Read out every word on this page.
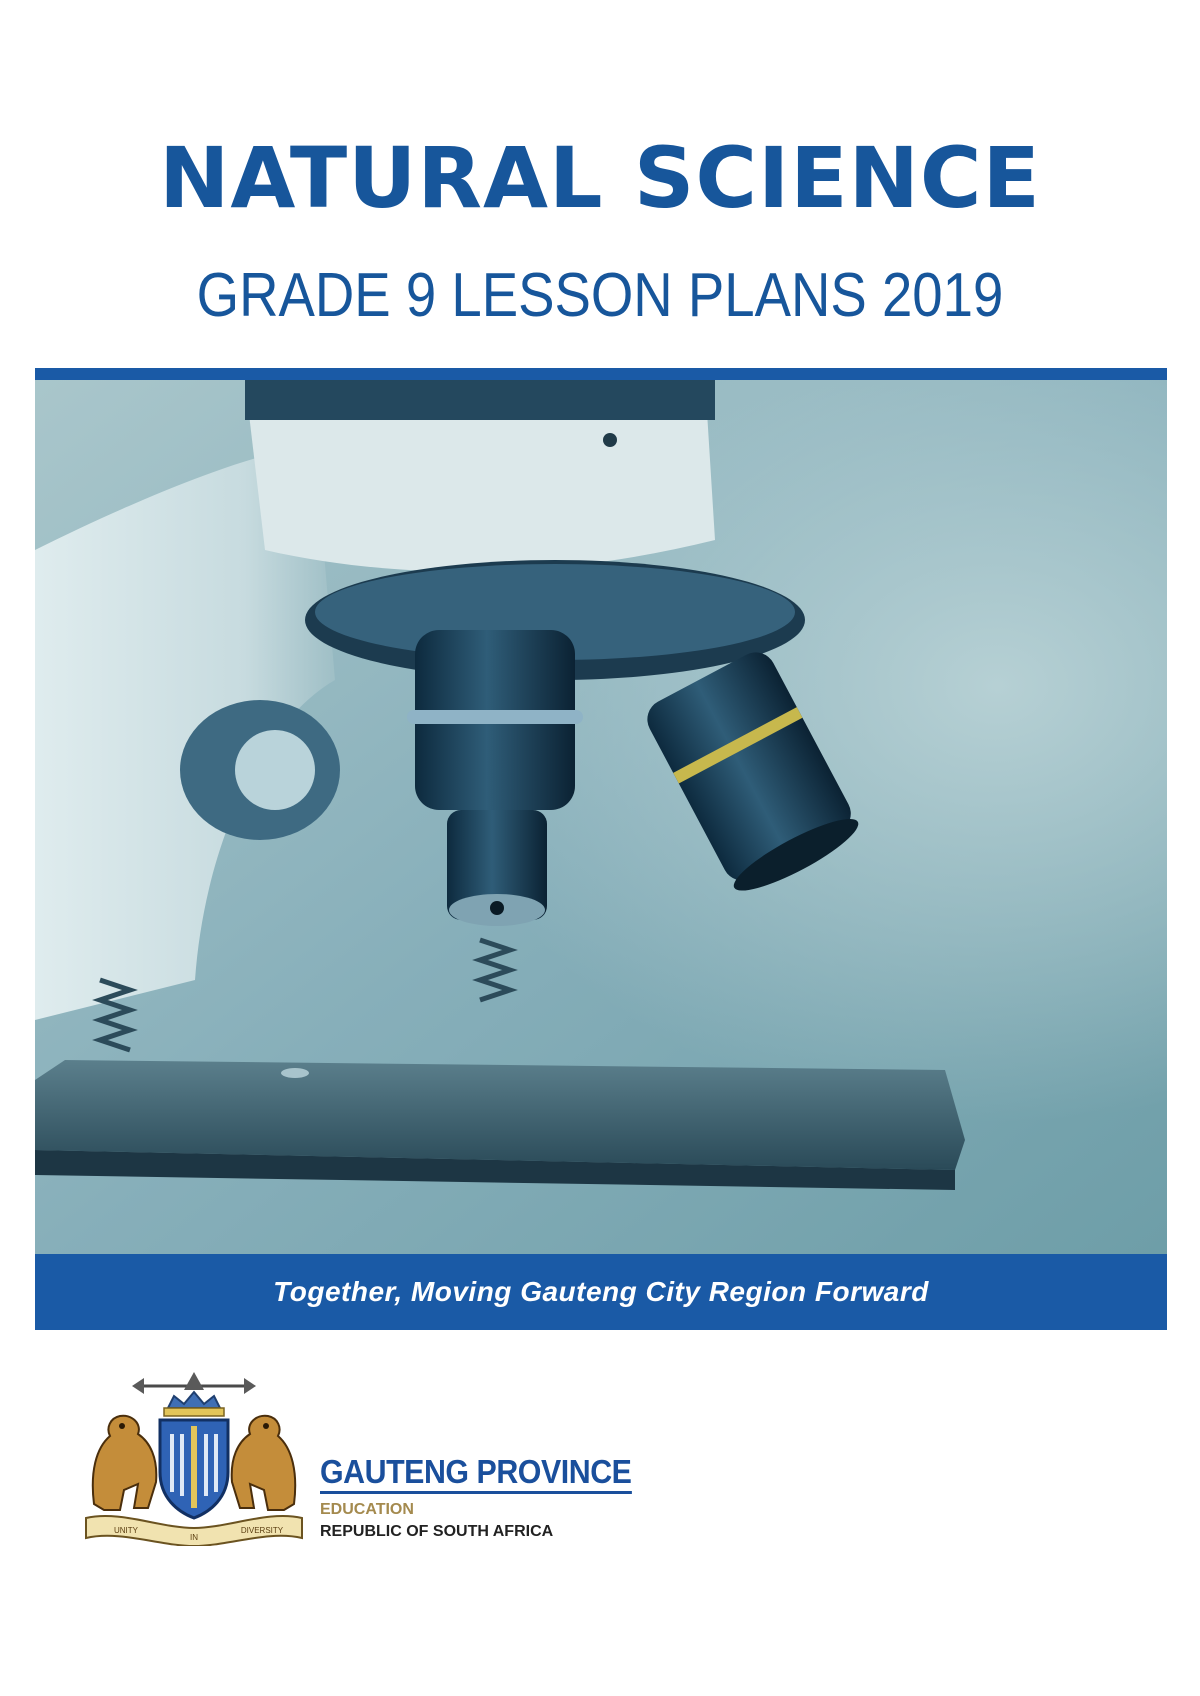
NATURAL SCIENCE
GRADE 9 LESSON PLANS 2019
Together, Moving Gauteng City Region Forward
UNITY
IN
DIVERSITY
GAUTENG PROVINCE
EDUCATION
REPUBLIC OF SOUTH AFRICA
